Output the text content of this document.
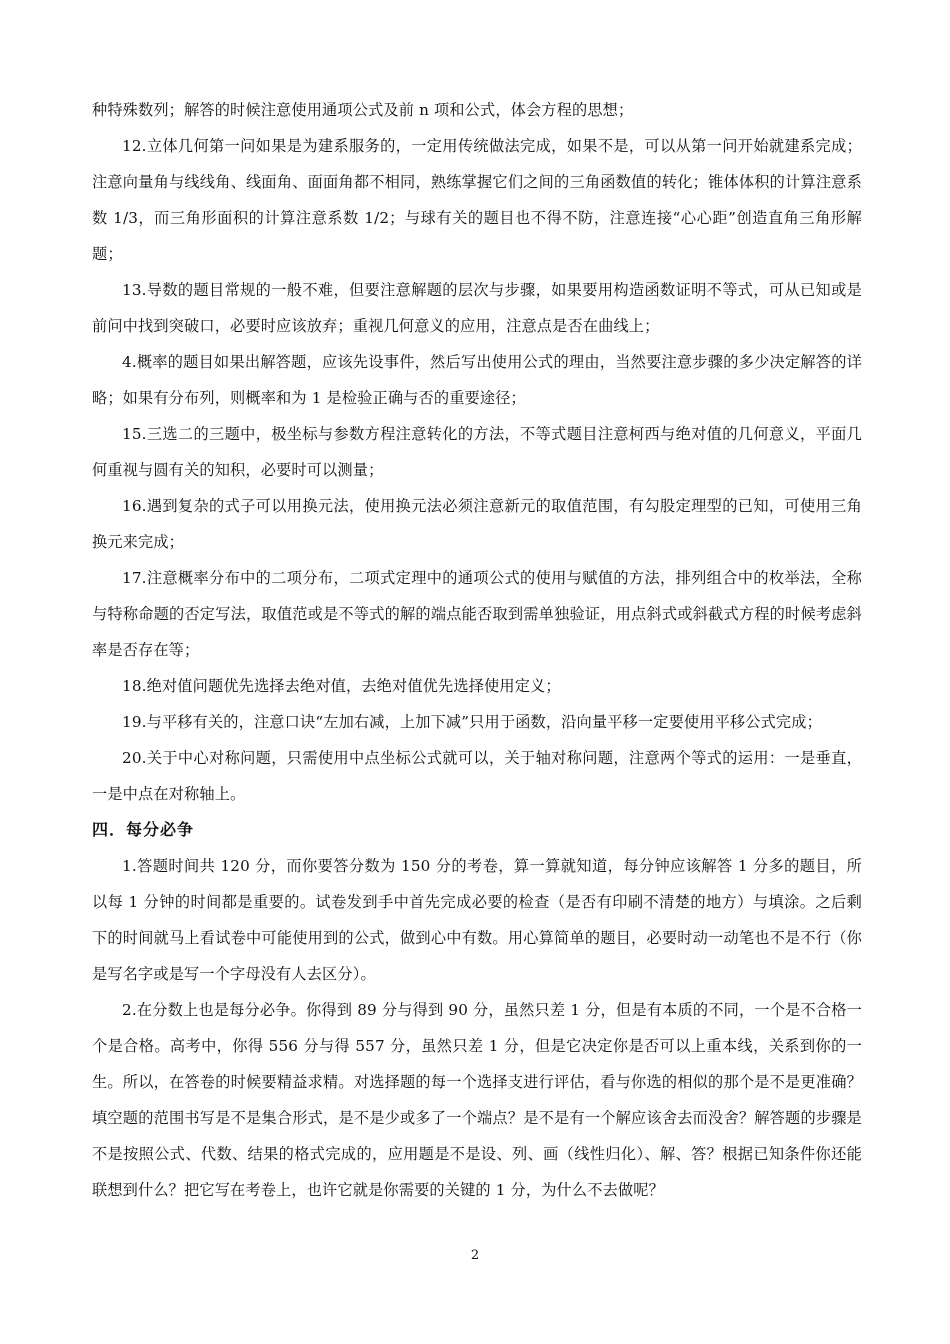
种特殊数列；解答的时候注意使用通项公式及前 n 项和公式，体会方程的思想；

12.立体几何第一问如果是为建系服务的，一定用传统做法完成，如果不是，可以从第一问开始就建系完成；注意向量角与线线角、线面角、面面角都不相同，熟练掌握它们之间的三角函数值的转化；锥体体积的计算注意系数 1/3，而三角形面积的计算注意系数 1/2；与球有关的题目也不得不防，注意连接“心心距”创造直角三角形解题；

13.导数的题目常规的一般不难，但要注意解题的层次与步骤，如果要用构造函数证明不等式，可从已知或是前问中找到突破口，必要时应该放弃；重视几何意义的应用，注意点是否在曲线上；

4.概率的题目如果出解答题，应该先设事件，然后写出使用公式的理由，当然要注意步骤的多少决定解答的详略；如果有分布列，则概率和为 1 是检验正确与否的重要途径；

15.三选二的三题中，极坐标与参数方程注意转化的方法，不等式题目注意柯西与绝对值的几何意义，平面几何重视与圆有关的知积，必要时可以测量；

16.遇到复杂的式子可以用换元法，使用换元法必须注意新元的取值范围，有勾股定理型的已知，可使用三角换元来完成；

17.注意概率分布中的二项分布，二项式定理中的通项公式的使用与赋值的方法，排列组合中的枚举法，全称与特称命题的否定写法，取值范或是不等式的解的端点能否取到需单独验证，用点斜式或斜截式方程的时候考虑斜率是否存在等；

18.绝对值问题优先选择去绝对值，去绝对值优先选择使用定义；

19.与平移有关的，注意口诀“左加右减，上加下减”只用于函数，沿向量平移一定要使用平移公式完成；

20.关于中心对称问题，只需使用中点坐标公式就可以，关于轴对称问题，注意两个等式的运用：一是垂直，一是中点在对称轴上。

四．每分必争

1.答题时间共 120 分，而你要答分数为 150 分的考卷，算一算就知道，每分钟应该解答 1 分多的题目，所以每 1 分钟的时间都是重要的。试卷发到手中首先完成必要的检查（是否有印刷不清楚的地方）与填涂。之后剩下的时间就马上看试卷中可能使用到的公式，做到心中有数。用心算简单的题目，必要时动一动笔也不是不行（你是写名字或是写一个字母没有人去区分）。

2.在分数上也是每分必争。你得到 89 分与得到 90 分，虽然只差 1 分，但是有本质的不同，一个是不合格一个是合格。高考中，你得 556 分与得 557 分，虽然只差 1 分，但是它决定你是否可以上重本线，关系到你的一生。所以，在答卷的时候要精益求精。对选择题的每一个选择支进行评估，看与你选的相似的那个是不是更准确？填空题的范围书写是不是集合形式，是不是少或多了一个端点？是不是有一个解应该舍去而没舍？解答题的步骤是不是按照公式、代数、结果的格式完成的，应用题是不是设、列、画（线性归化）、解、答？根据已知条件你还能联想到什么？把它写在考卷上，也许它就是你需要的关键的 1 分，为什么不去做呢？

2
